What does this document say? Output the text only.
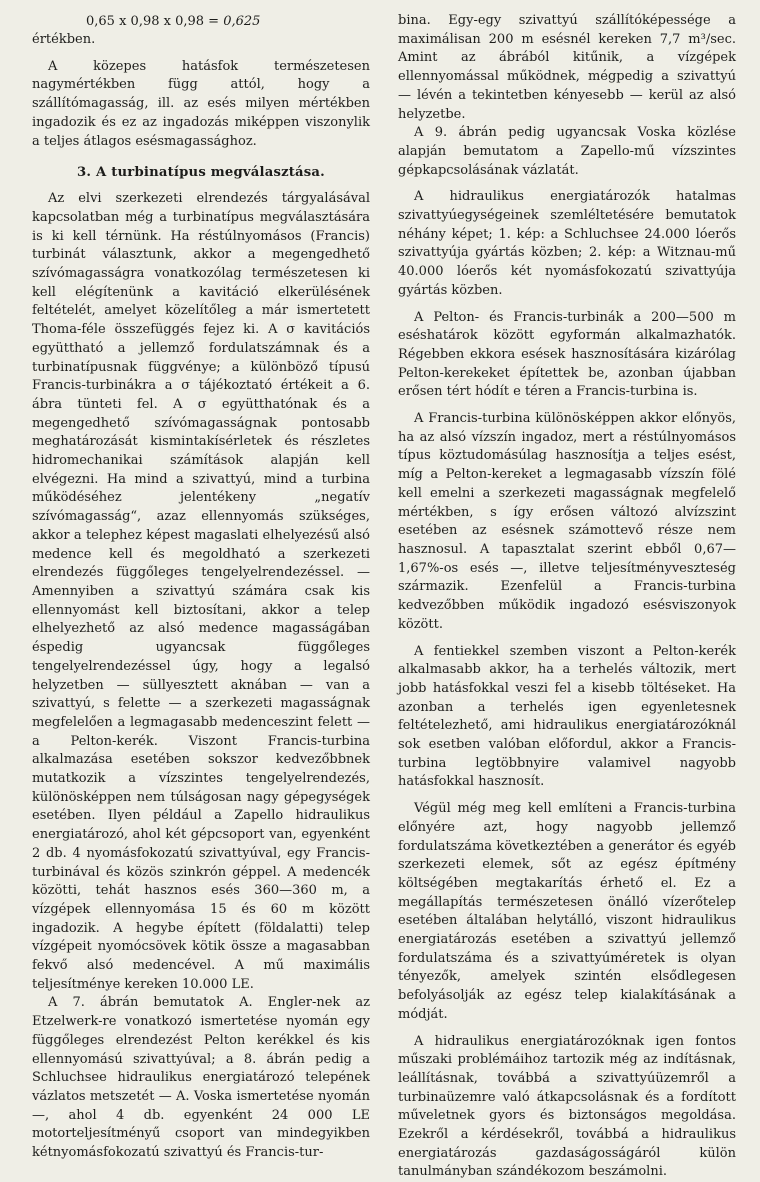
0,65 x 0,98 x 0,98 = 0,625

értékben.

A közepes hatásfok természetesen nagymértékben függ attól, hogy a szállítómagasság, ill. az esés milyen mértékben ingadozik és ez az ingadozás miképpen viszonylik a teljes átlagos esésmagassághoz.

3. A turbinatípus megválasztása.

Az elvi szerkezeti elrendezés tárgyalásával kapcsolatban még a turbinatípus megválasztására is ki kell térnünk. Ha réstúlnyomásos (Francis) turbinát választunk, akkor a megengedhető szívómagasságra vonatkozólag természetesen ki kell elégítenünk a kavitáció elkerülésének feltételét, amelyet közelítőleg a már ismertetett Thoma-féle összefüggés fejez ki. A σ kavitációs együttható a jellemző fordulatszámnak és a turbinatípusnak függvénye; a különböző típusú Francis-turbinákra a σ tájékoztató értékeit a 6. ábra tünteti fel. A σ együtthatónak és a megengedhető szívómagasságnak pontosabb meghatározását kismintakísérletek és részletes hidromechanikai számítások alapján kell elvégezni. Ha mind a szivattyú, mind a turbina működéséhez jelentékeny „negatív szívómagasság“, azaz ellennyomás szükséges, akkor a telephez képest magaslati elhelyezésű alsó medence kell és megoldható a szerkezeti elrendezés függőleges tengelyelrendezéssel. — Amennyiben a szivattyú számára csak kis ellennyomást kell biztosítani, akkor a telep elhelyezhető az alsó medence magasságában éspedig ugyancsak függőleges tengelyelrendezéssel úgy, hogy a legalsó helyzetben — süllyesztett aknában — van a szivattyú, s felette — a szerkezeti magasságnak megfelelően a legmagasabb medenceszint felett — a Pelton-kerék. Viszont Francis-turbina alkalmazása esetében sokszor kedvezőbbnek mutatkozik a vízszintes tengelyelrendezés, különösképpen nem túlságosan nagy gépegységek esetében. Ilyen például a Zapello hidraulikus energiatározó, ahol két gépcsoport van, egyenként 2 db. 4 nyomásfokozatú szivattyúval, egy Francis-turbinával és közös szinkrón géppel. A medencék közötti, tehát hasznos esés 360—360 m, a vízgépek ellennyomása 15 és 60 m között ingadozik. A hegybe épített (földalatti) telep vízgépeit nyomócsövek kötik össze a magasabban fekvő alsó medencével. A mű maximális teljesítménye kereken 10.000 LE.

A 7. ábrán bemutatok A. Engler-nek az Etzelwerk-re vonatkozó ismertetése nyomán egy függőleges elrendezést Pelton kerékkel és kis ellennyomású szivattyúval; a 8. ábrán pedig a Schluchsee hidraulikus energiatározó telepének vázlatos metszetét — A. Voska ismertetése nyomán —, ahol 4 db. egyenként 24 000 LE motorteljesítményű csoport van mindegyikben kétnyomásfokozatú szivattyú és Francis-tur-

bina. Egy-egy szivattyú szállítóképessége a maximálisan 200 m esésnél kereken 7,7 m³/sec. Amint az ábrából kitűnik, a vízgépek ellennyomással működnek, mégpedig a szivattyú — lévén a tekintetben kényesebb — kerül az alsó helyzetbe.

A 9. ábrán pedig ugyancsak Voska közlése alapján bemutatom a Zapello-mű vízszintes gépkapcsolásának vázlatát.

A hidraulikus energiatározók hatalmas szivattyúegységeinek szemléltetésére bemutatok néhány képet; 1. kép: a Schluchsee 24.000 lóerős szivattyúja gyártás közben; 2. kép: a Witznau-mű 40.000 lóerős két nyomásfokozatú szivattyúja gyártás közben.

A Pelton- és Francis-turbinák a 200—500 m eséshatárok között egyformán alkalmazhatók. Régebben ekkora esések hasznosítására kizárólag Pelton-kerekeket építettek be, azonban újabban erősen tért hódít e téren a Francis-turbina is.

A Francis-turbina különösképpen akkor előnyös, ha az alsó vízszín ingadoz, mert a réstúlnyomásos típus köztudomásúlag hasznosítja a teljes esést, míg a Pelton-kereket a legmagasabb vízszín fölé kell emelni a szerkezeti magasságnak megfelelő mértékben, s így erősen változó alvízszint esetében az esésnek számottevő része nem hasznosul. A tapasztalat szerint ebből 0,67—1,67%-os esés —, illetve teljesítményveszteség származik. Ezenfelül a Francis-turbina kedvezőbben működik ingadozó esésviszonyok között.

A fentiekkel szemben viszont a Pelton-kerék alkalmasabb akkor, ha a terhelés változik, mert jobb hatásfokkal veszi fel a kisebb töltéseket. Ha azonban a terhelés igen egyenletesnek feltételezhető, ami hidraulikus energiatározóknál sok esetben valóban előfordul, akkor a Francis-turbina legtöbbnyire valamivel nagyobb hatásfokkal hasznosít.

Végül még meg kell említeni a Francis-turbina előnyére azt, hogy nagyobb jellemző fordulatszáma következtében a generátor és egyéb szerkezeti elemek, sőt az egész építmény költségében megtakarítás érhető el. Ez a megállapítás természetesen önálló vízerőtelep esetében általában helytálló, viszont hidraulikus energiatározás esetében a szivattyú jellemző fordulatszáma és a szivattyúméretek is olyan tényezők, amelyek szintén elsődlegesen befolyásolják az egész telep kialakításának a módját.

A hidraulikus energiatározóknak igen fontos műszaki problémáihoz tartozik még az indításnak, leállításnak, továbbá a szivattyúüzemről a turbinaüzemre való átkapcsolásnak és a fordított műveletnek gyors és biztonságos megoldása. Ezekről a kérdésekről, továbbá a hidraulikus energiatározás gazdaságosságáról külön tanulmányban szándékozom beszámolni.
